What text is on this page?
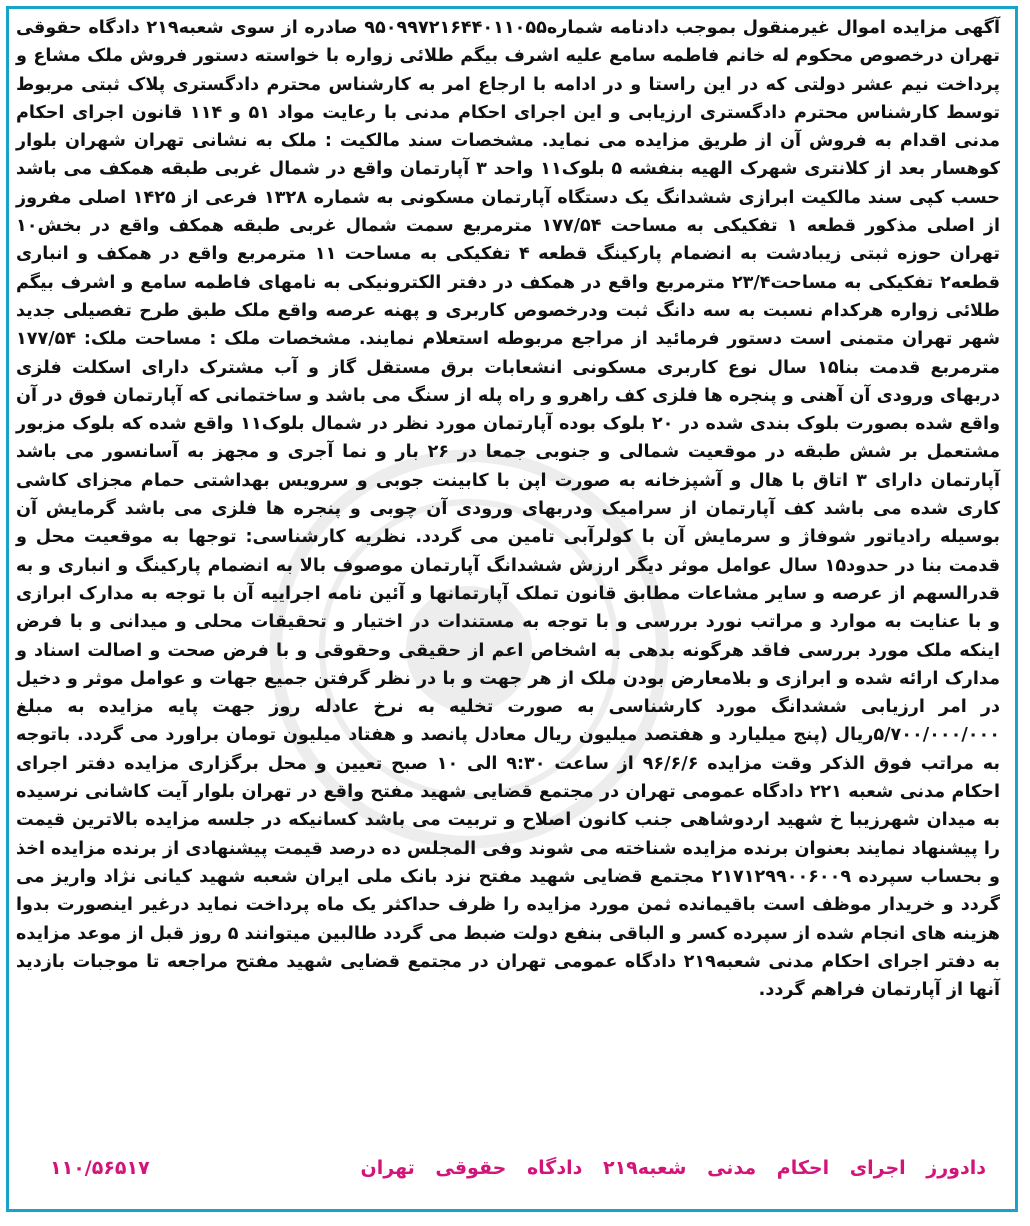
آگهی مزایده اموال غیرمنقول بموجب دادنامه شماره۹۵۰۹۹۷۲۱۶۴۴۰۱۱۰۵۵ صادره از سوی شعبه۲۱۹ دادگاه حقوقی تهران درخصوص محکوم له خانم فاطمه سامع علیه اشرف بیگم طلائی زواره با خواسته دستور فروش ملک مشاع و پرداخت نیم عشر دولتی که در این راستا و در ادامه با ارجاع امر به کارشناس محترم دادگستری پلاک ثبتی مربوط توسط کارشناس محترم دادگستری ارزیابی و این اجرای احکام مدنی با رعایت مواد ۵۱ و ۱۱۴ قانون اجرای احکام مدنی اقدام به فروش آن از طریق مزایده می نماید. مشخصات سند مالکیت : ملک به نشانی تهران شهران بلوار کوهسار بعد از کلانتری شهرک الهیه بنفشه ۵ بلوک۱۱ واحد ۳ آپارتمان واقع در شمال غربی طبقه همکف می باشد حسب کپی سند مالکیت ابرازی ششدانگ یک دستگاه آپارتمان مسکونی به شماره ۱۳۲۸ فرعی از ۱۴۲۵ اصلی مفروز از اصلی مذکور قطعه ۱ تفکیکی به مساحت ۱۷۷/۵۴ مترمربع سمت شمال غربی طبقه همکف واقع در بخش۱۰ تهران حوزه ثبتی زیبادشت به انضمام پارکینگ قطعه ۴ تفکیکی به مساحت ۱۱ مترمربع واقع در همکف و انباری قطعه۲ تفکیکی به مساحت۲۳/۴ مترمربع واقع در همکف در دفتر الکترونیکی به نامهای فاطمه سامع و اشرف بیگم طلائی زواره هرکدام نسبت به سه دانگ ثبت ودرخصوص کاربری و پهنه عرصه واقع ملک طبق طرح تفصیلی جدید شهر تهران متمنی است دستور فرمائید از مراجع مربوطه استعلام نمایند. مشخصات ملک : مساحت ملک: ۱۷۷/۵۴ مترمربع قدمت بنا۱۵ سال نوع کاربری مسکونی انشعابات برق مستقل گاز و آب مشترک دارای اسکلت فلزی دربهای ورودی آن آهنی و پنجره ها فلزی کف راهرو و راه پله از سنگ می باشد و ساختمانی که آپارتمان فوق در آن واقع شده بصورت بلوک بندی شده در ۲۰ بلوک بوده آپارتمان مورد نظر در شمال بلوک۱۱ واقع شده که بلوک مزبور مشتعمل بر شش طبقه در موقعیت شمالی و جنوبی جمعا در ۲۶ بار و نما آجری و مجهز به آسانسور می باشد آپارتمان دارای ۳ اتاق با هال و آشپزخانه به صورت اپن با کابینت جوبی و سرویس بهداشتی حمام مجزای کاشی کاری شده می باشد کف آپارتمان از سرامیک ودربهای ورودی آن چوبی و پنجره ها فلزی می باشد گرمایش آن بوسیله رادیاتور شوفاژ و سرمایش آن با کولرآبی تامین می گردد. نظریه کارشناسی: توجها به موقعیت محل و قدمت بنا در حدود۱۵ سال عوامل موثر دیگر ارزش ششدانگ آپارتمان موصوف بالا به انضمام پارکینگ و انباری و به قدرالسهم از عرصه و سایر مشاعات مطابق قانون تملک آپارتمانها و آئین نامه اجراییه آن با توجه به مدارک ابرازی و با عنایت به موارد و مراتب نورد بررسی و با توجه به مستندات در اختیار و تحقیقات محلی و میدانی و با فرض اینکه ملک مورد بررسی فاقد هرگونه بدهی به اشخاص اعم از حقیقی وحقوقی و با فرض صحت و اصالت اسناد و مدارک ارائه شده و ابرازی و بلامعارض بودن ملک از هر جهت و با در نظر گرفتن جمیع جهات و عوامل موثر و دخیل در امر ارزیابی ششدانگ مورد کارشناسی به صورت تخلیه به نرخ عادله روز جهت پایه مزایده به مبلغ ۵/۷۰۰/۰۰۰/۰۰۰ریال (پنج میلیارد و هفتصد میلیون ریال معادل پانصد و هفتاد میلیون تومان براورد می گردد. باتوجه به مراتب فوق الذکر وقت مزایده ۹۶/۶/۶ از ساعت ۹:۳۰ الی ۱۰ صبح تعیین و محل برگزاری مزایده دفتر اجرای احکام مدنی شعبه ۲۲۱ دادگاه عمومی تهران در مجتمع قضایی شهید مفتح واقع در تهران بلوار آیت کاشانی نرسیده به میدان شهرزیبا خ شهید اردوشاهی جنب کانون اصلاح و تربیت می باشد کسانیکه در جلسه مزایده بالاترین قیمت را پیشنهاد نمایند بعنوان برنده مزایده شناخته می شوند وفی المجلس ده درصد قیمت پیشنهادی از برنده مزایده اخذ و بحساب سپرده ۲۱۷۱۲۹۹۰۰۶۰۰۹ مجتمع قضایی شهید مفتح نزد بانک ملی ایران شعبه شهید کیانی نژاد واریز می گردد و خریدار موظف است باقیمانده ثمن مورد مزایده را ظرف حداکثر یک ماه پرداخت نماید درغیر اینصورت بدوا هزینه های انجام شده از سپرده کسر و الباقی بنفع دولت ضبط می گردد طالبین میتوانند ۵ روز قبل از موعد مزایده به دفتر اجرای احکام مدنی شعبه۲۱۹ دادگاه عمومی تهران در مجتمع قضایی شهید مفتح مراجعه تا موجبات بازدید آنها از آپارتمان فراهم گردد.

دادورز اجرای احکام مدنی شعبه۲۱۹ دادگاه حقوقی تهران
۱۱۰/۵۶۵۱۷
